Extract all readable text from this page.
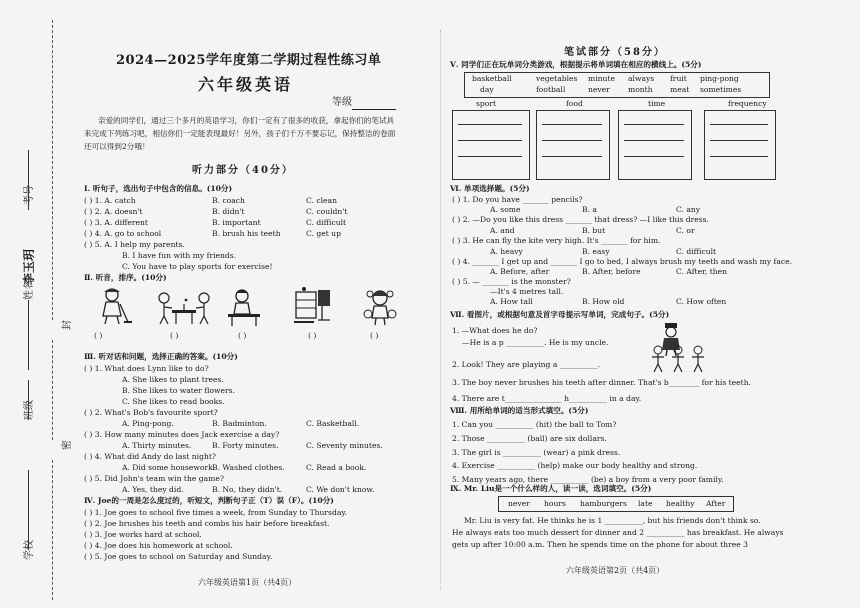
考号
姓名
李玉玥
封
班级
密
学校
2024—2025学年度第二学期过程性练习单
六年级英语
等级
亲爱的同学们，通过三个多月的英语学习，你们一定有了很多的收获，拿起你们的笔试具
来完成下列练习吧，相信你们一定能表现最好！另外，孩子们千万不要忘记，保持整洁的卷面
还可以得到2分哦！
听力部分（40分）
Ⅰ. 听句子，选出句子中包含的信息。(10分)
( ) 1. A. catch	B. coach	C. clean
( ) 2. A. doesn't	B. didn't	C. couldn't
( ) 3. A. different	B. important	C. difficult
( ) 4. A. go to school	B. brush his teeth	C. get up
( ) 5. A. I help my parents.
B. I have fun with my friends.
C. You have to play sports for exercise!
Ⅱ. 听音，排序。(10分)
( )	( )	( )	( )	( )
Ⅲ. 听对话和问题，选择正确的答案。(10分)
( ) 1. What does Lynn like to do?
A. She likes to plant trees.
B. She likes to water flowers.
C. She likes to read books.
( ) 2. What's Bob's favourite sport?
A. Ping-pong.	B. Badminton.	C. Basketball.
( ) 3. How many minutes does Jack exercise a day?
A. Thirty minutes.	B. Forty minutes.	C. Seventy minutes.
( ) 4. What did Andy do last night?
A. Did some housework.
B. Washed clothes.	C. Read a book.
( ) 5. Did John's team win the game?
A. Yes, they did.	B. No, they didn't.	C. We don't know.
Ⅳ. Joe的一周是怎么度过的，听短文，判断句子正（T）误（F）。(10分)
( ) 1. Joe goes to school five times a week, from Sunday to Thursday.
( ) 2. Joe brushes his teeth and combs his hair before breakfast.
( ) 3. Joe works hard at school.
( ) 4. Joe does his homework at school.
( ) 5. Joe goes to school on Saturday and Sunday.
六年级英语第1页（共4页）
笔试部分（58分）
Ⅴ. 同学们正在玩单词分类游戏，根据提示将单词填在相应的横线上。(5分)
basketball	vegetables minute always fruit ping-pong
day	football	never month meat sometimes
sport	food	time	frequency
Ⅵ. 单项选择题。(5分)
( ) 1. Do you have _______ pencils?
A. some	B. a	C. any
( ) 2. —Do you like this dress _______ that dress? —I like this dress.
A. and	B. but	C. or
( ) 3. He can fly the kite very high. It's _______ for him.
A. heavy	B. easy	C. difficult
( ) 4. _______ I get up and _______ I go to bed, I always brush my teeth and wash my face.
A. Before, after	B. After, before	C. After, then
( ) 5. — _______ is the monster?
—It's 4 metres tall.
A. How tall	B. How old	C. How often
Ⅶ. 看图片，或根据句意及首字母提示写单词，完成句子。(5分)
1. —What does he do?
—He is a p __________. He is my uncle.
2. Look! They are playing a __________.
3. The boy never brushes his teeth after dinner. That's b________ for his teeth.
4. There are t_______________ h__________ in a day.
Ⅷ. 用所给单词的适当形式填空。(5分)
1. Can you __________ (hit) the ball to Tom?
2. Those __________ (ball) are six dollars.
3. The girl is __________ (wear) a pink dress.
4. Exercise __________ (help) make our body healthy and strong.
5. Many years ago, there __________ (be) a boy from a very poor family.
Ⅸ. Mr. Liu是一个什么样的人，读一读，选词填空。(5分)
never hours hamburgers late healthy After
Mr. Liu is very fat. He thinks he is 1 __________, but his friends don't think so.
He always eats too much dessert for dinner and 2 __________ has breakfast. He always
gets up after 10:00 a.m. Then he spends time on the phone for about three 3
六年级英语第2页（共4页）
